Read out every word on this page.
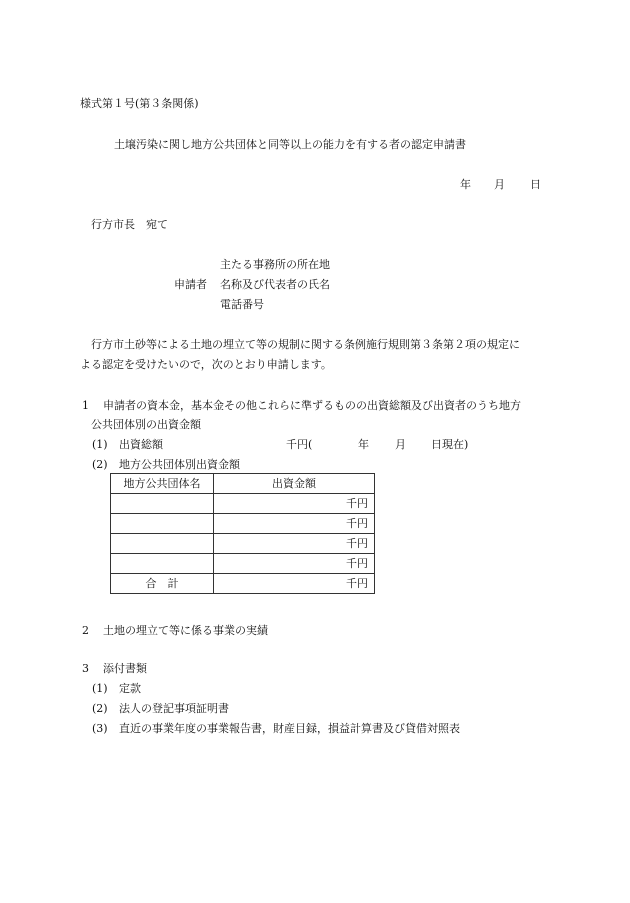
様式第１号(第３条関係)
土壌汚染に関し地方公共団体と同等以上の能力を有する者の認定申請書
年 月 日
行方市長　宛て
主たる事務所の所在地
申請者 名称及び代表者の氏名
電話番号
行方市土砂等による土地の埋立て等の規制に関する条例施行規則第３条第２項の規定に
よる認定を受けたいので，次のとおり申請します。
1 申請者の資本金，基本金その他これらに準ずるものの出資総額及び出資者のうち地方
公共団体別の出資金額
(1) 出資総額	千円(	年 月 日現在)
(2) 地方公共団体別出資金額
地方公共団体名	出資金額
	千円
	千円
	千円
	千円
合　計	千円
2 土地の埋立て等に係る事業の実績
3 添付書類
(1) 定款
(2) 法人の登記事項証明書
(3) 直近の事業年度の事業報告書，財産目録，損益計算書及び貸借対照表
